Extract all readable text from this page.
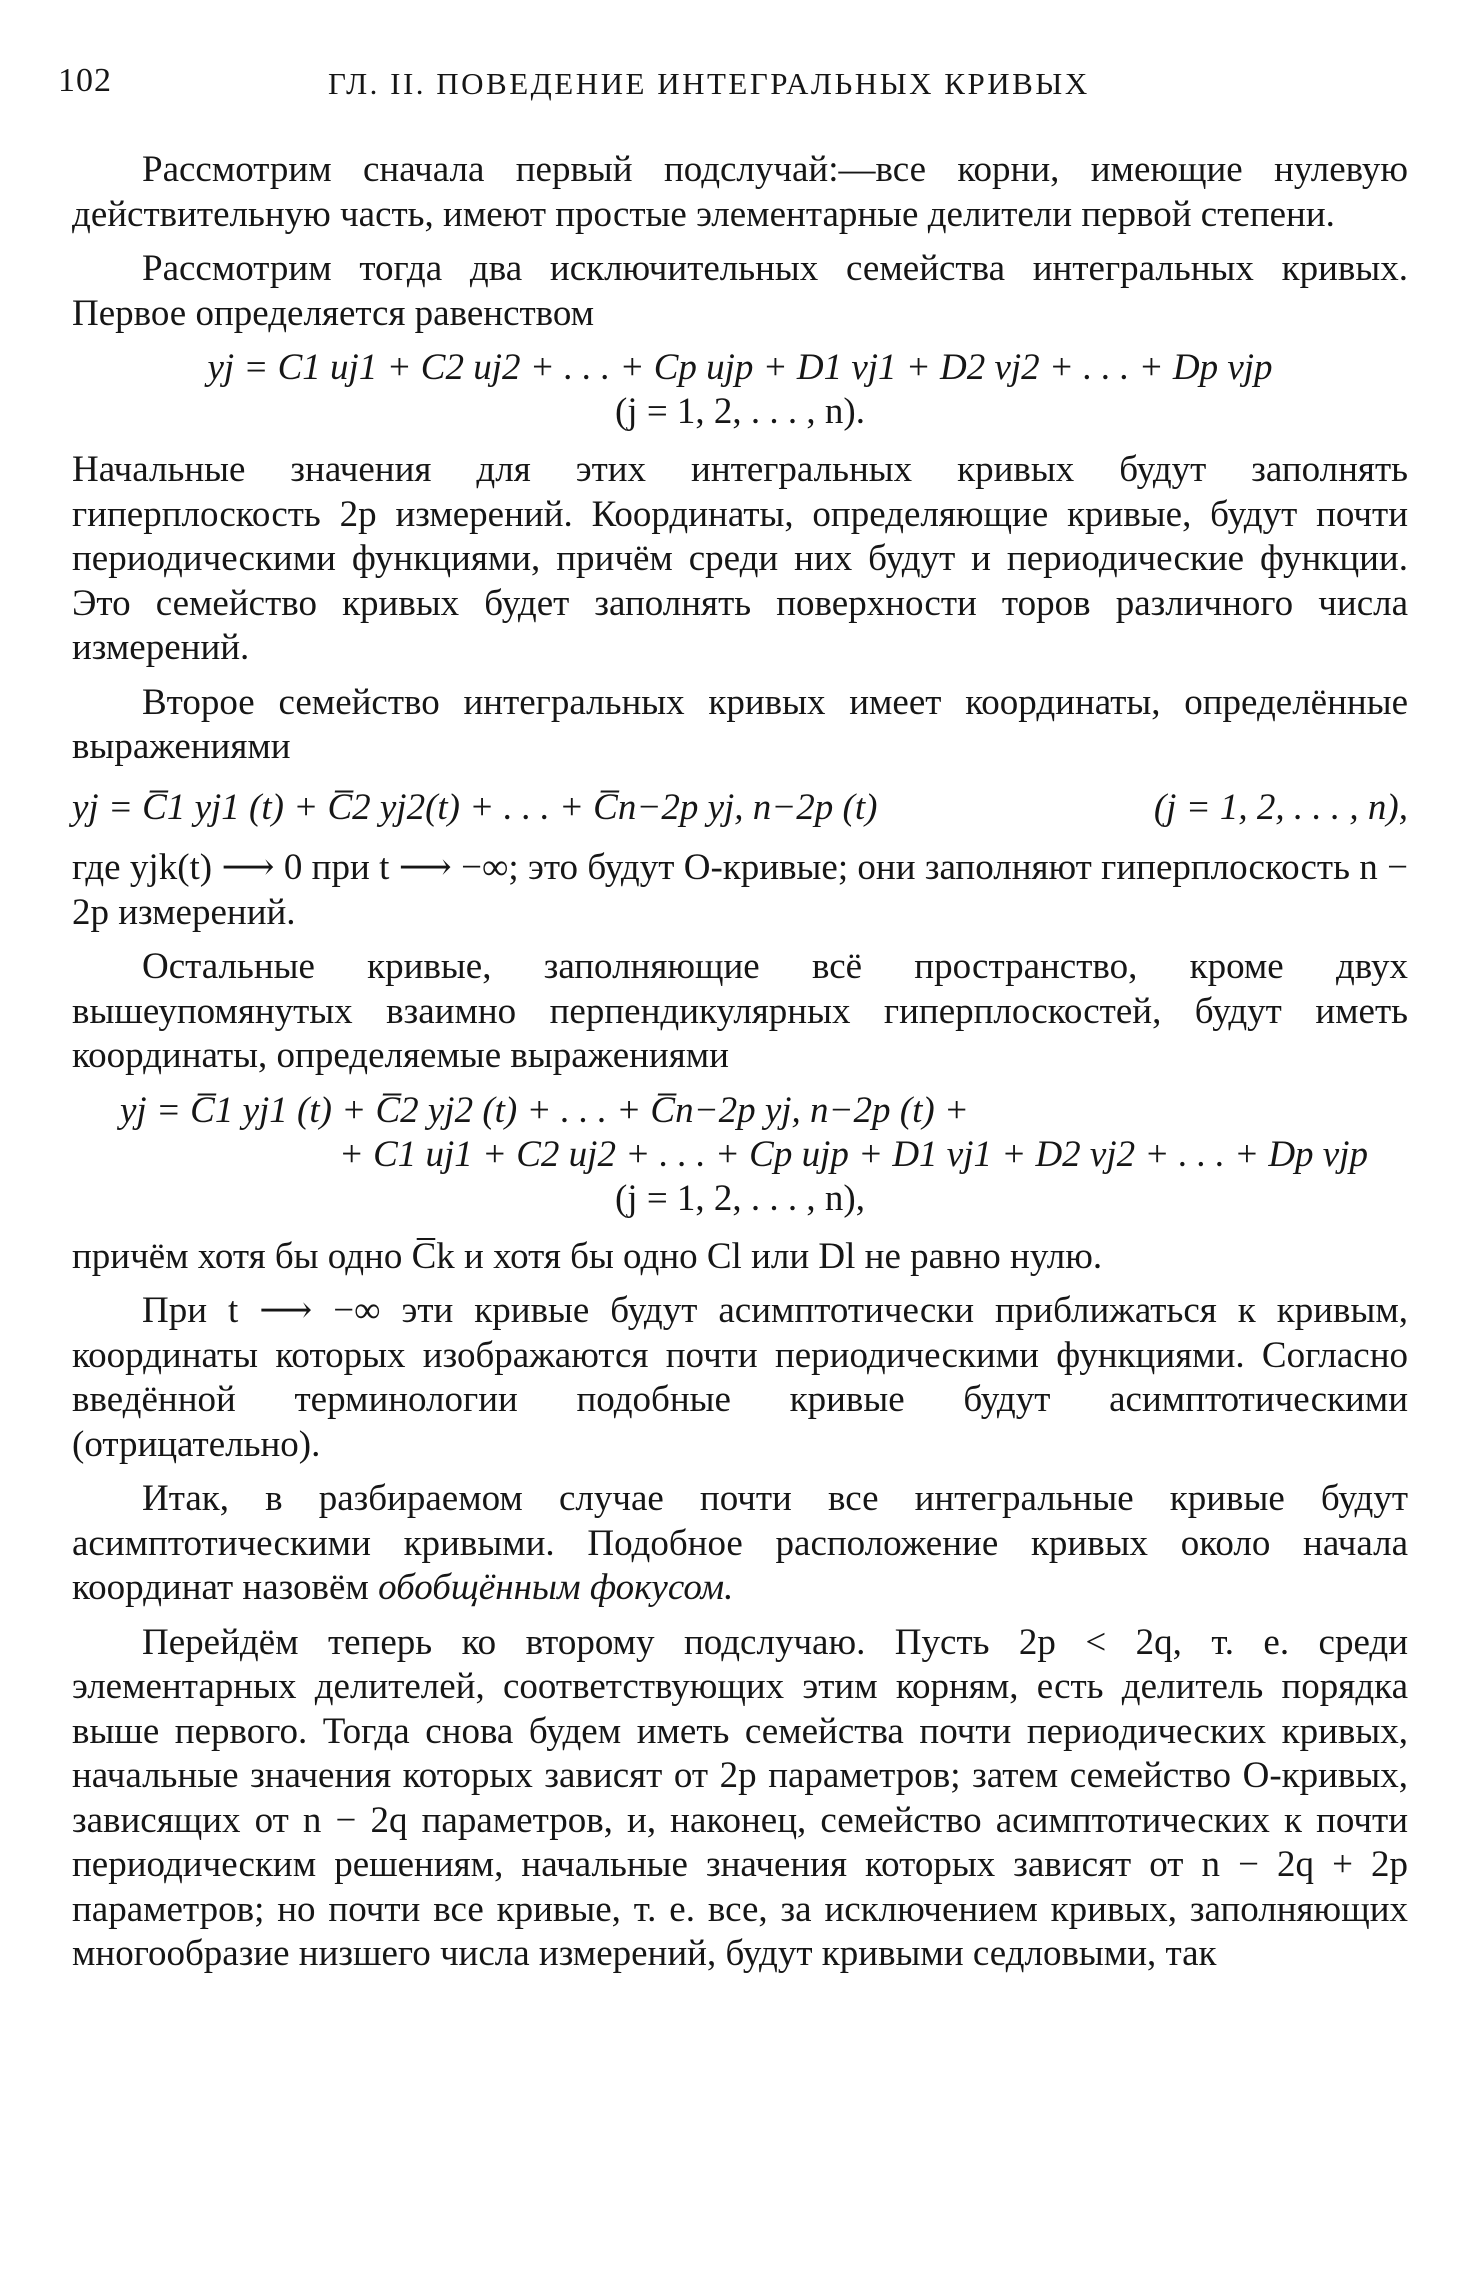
102	ГЛ. II. ПОВЕДЕНИЕ ИНТЕГРАЛЬНЫХ КРИВЫХ

Рассмотрим сначала первый подслучай:—все корни, имеющие нулевую действительную часть, имеют простые элементарные делители первой степени.

Рассмотрим тогда два исключительных семейства интегральных кривых. Первое определяется равенством

yj = C1 uj1 + C2 uj2 + . . . + Cp ujp + D1 vj1 + D2 vj2 + . . . + Dp vjp
(j = 1, 2, . . . , n).

Начальные значения для этих интегральных кривых будут заполнять гиперплоскость 2p измерений. Координаты, определяющие кривые, будут почти периодическими функциями, причём среди них будут и периодические функции. Это семейство кривых будет заполнять поверхности торов различного числа измерений.

Второе семейство интегральных кривых имеет координаты, определённые выражениями

yj = C̅1 yj1 (t) + C̅2 yj2(t) + . . . + C̅n−2p yj, n−2p (t)	(j = 1, 2, . . . , n),

где yjk(t) ⟶ 0 при t ⟶ −∞; это будут O-кривые; они заполняют гиперплоскость n − 2p измерений.

Остальные кривые, заполняющие всё пространство, кроме двух вышеупомянутых взаимно перпендикулярных гиперплоскостей, будут иметь координаты, определяемые выражениями

yj = C̅1 yj1 (t) + C̅2 yj2 (t) + . . . + C̅n−2p yj, n−2p (t) +
+ C1 uj1 + C2 uj2 + . . . + Cp ujp + D1 vj1 + D2 vj2 + . . . + Dp vjp
(j = 1, 2, . . . , n),

причём хотя бы одно C̅k и хотя бы одно Cl или Dl не равно нулю.

При t ⟶ −∞ эти кривые будут асимптотически приближаться к кривым, координаты которых изображаются почти периодическими функциями. Согласно введённой терминологии подобные кривые будут асимптотическими (отрицательно).

Итак, в разбираемом случае почти все интегральные кривые будут асимптотическими кривыми. Подобное расположение кривых около начала координат назовём обобщённым фокусом.

Перейдём теперь ко второму подслучаю. Пусть 2p < 2q, т. е. среди элементарных делителей, соответствующих этим корням, есть делитель порядка выше первого. Тогда снова будем иметь семейства почти периодических кривых, начальные значения которых зависят от 2p параметров; затем семейство O-кривых, зависящих от n − 2q параметров, и, наконец, семейство асимптотических к почти периодическим решениям, начальные значения которых зависят от n − 2q + 2p параметров; но почти все кривые, т. е. все, за исключением кривых, заполняющих многообразие низшего числа измерений, будут кривыми седловыми, так
